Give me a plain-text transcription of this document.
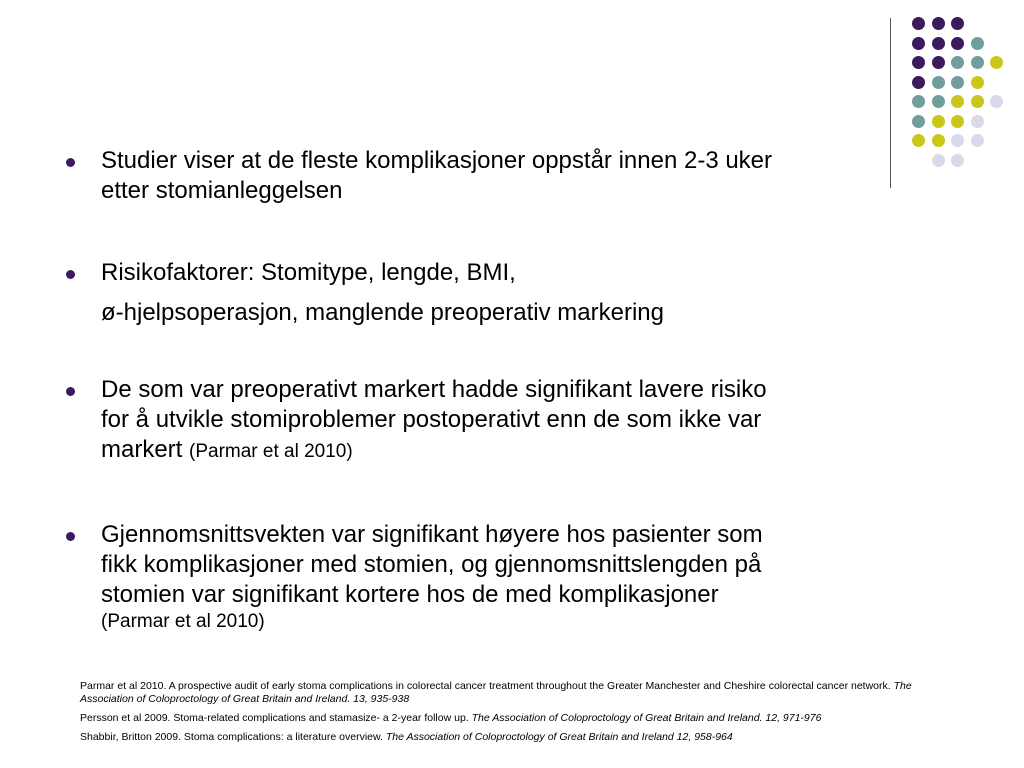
Studier viser at de fleste komplikasjoner oppstår innen 2-3 uker
etter stomianleggelsen
Risikofaktorer: Stomitype, lengde, BMI,
ø-hjelpsoperasjon, manglende preoperativ markering
De som var preoperativt markert hadde signifikant lavere risiko
for å utvikle stomiproblemer postoperativt enn de som ikke var
markert (Parmar et al 2010)
Gjennomsnittsvekten var signifikant høyere hos pasienter som
fikk komplikasjoner med stomien, og gjennomsnittslengden på
stomien var signifikant kortere hos de med komplikasjoner
(Parmar et al 2010)

Parmar et al 2010. A prospective audit of early stoma complications in colorectal cancer treatment throughout the Greater Manchester and Cheshire colorectal cancer network. The Association of Coloproctology of Great Britain and Ireland. 13, 935-938

Persson et al 2009. Stoma-related complications and stamasize- a 2-year follow up. The Association of Coloproctology of Great Britain and Ireland. 12, 971-976

Shabbir, Britton 2009. Stoma complications: a literature overview. The Association of Coloproctology of Great Britain and Ireland 12, 958-964
